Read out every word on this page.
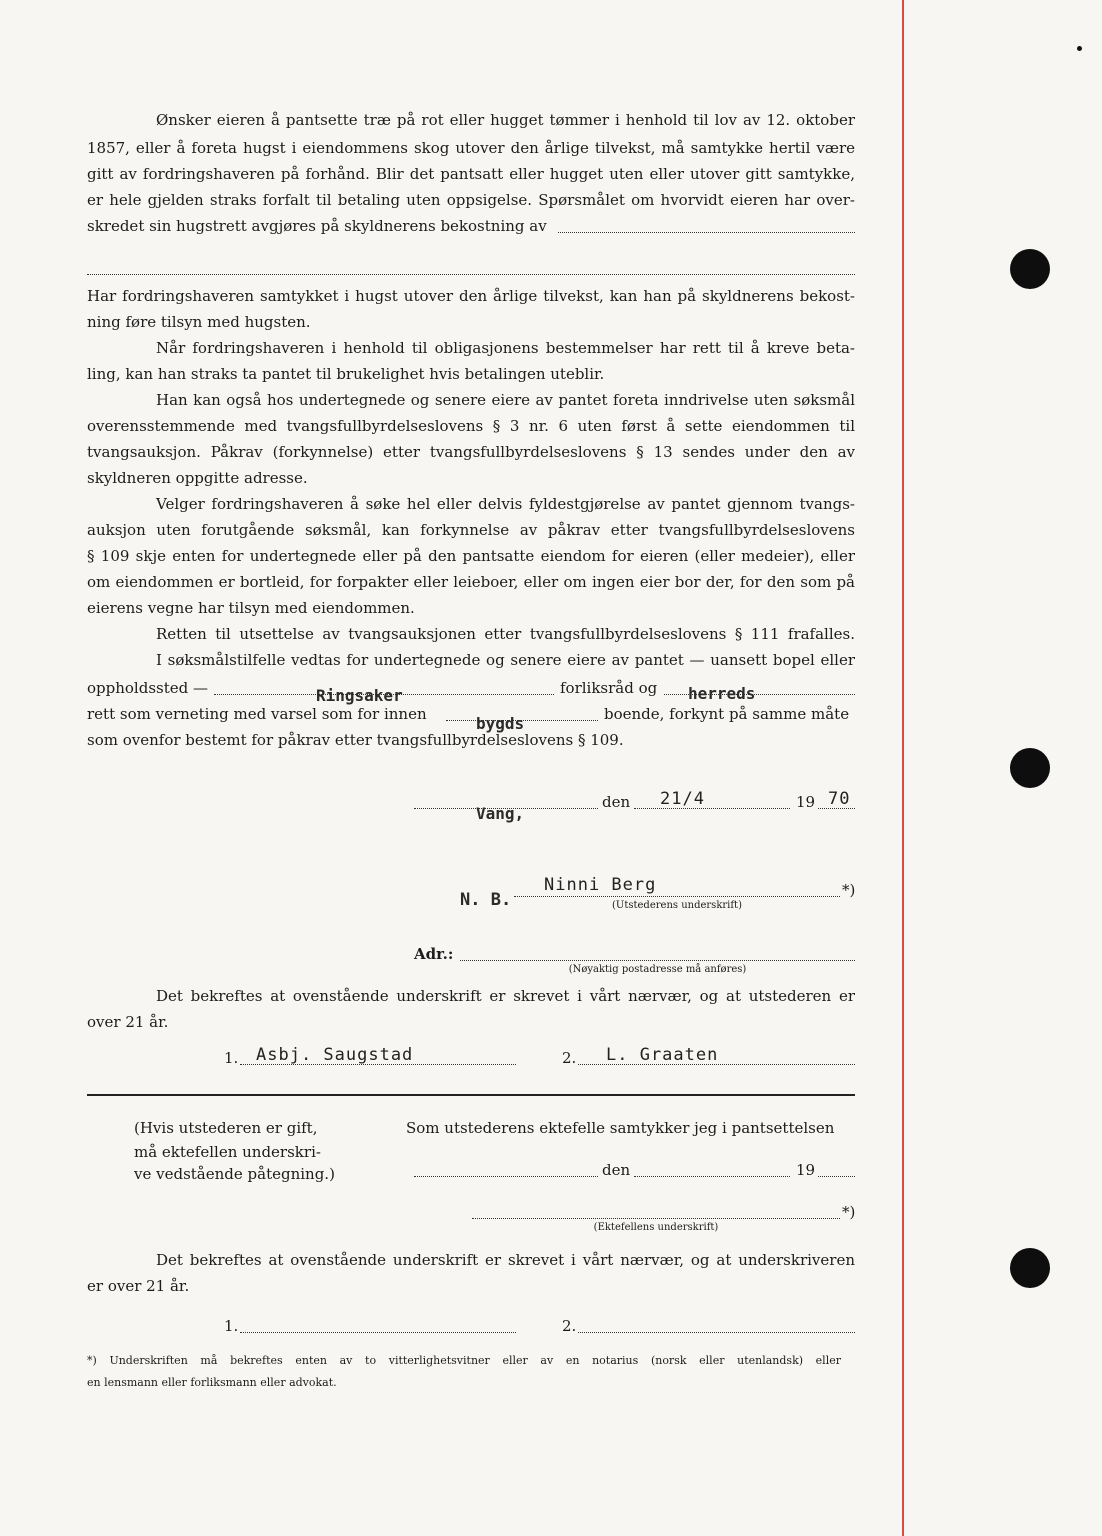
Ønsker eieren å pantsette træ på rot eller hugget tømmer i henhold til lov av 12. oktober
1857, eller å foreta hugst i eiendommens skog utover den årlige tilvekst, må samtykke hertil være
gitt av fordringshaveren på forhånd. Blir det pantsatt eller hugget uten eller utover gitt samtykke,
er hele gjelden straks forfalt til betaling uten oppsigelse. Spørsmålet om hvorvidt eieren har over-
skredet sin hugstrett avgjøres på skyldnerens bekostning av
Har fordringshaveren samtykket i hugst utover den årlige tilvekst, kan han på skyldnerens bekost-
ning føre tilsyn med hugsten.
Når fordringshaveren i henhold til obligasjonens bestemmelser har rett til å kreve beta-
ling, kan han straks ta pantet til brukelighet hvis betalingen uteblir.
Han kan også hos undertegnede og senere eiere av pantet foreta inndrivelse uten søksmål
overensstemmende med tvangsfullbyrdelseslovens § 3 nr. 6 uten først å sette eiendommen til
tvangsauksjon. Påkrav (forkynnelse) etter tvangsfullbyrdelseslovens § 13 sendes under den av
skyldneren oppgitte adresse.
Velger fordringshaveren å søke hel eller delvis fyldestgjørelse av pantet gjennom tvangs-
auksjon uten forutgående søksmål, kan forkynnelse av påkrav etter tvangsfullbyrdelseslovens
§ 109 skje enten for undertegnede eller på den pantsatte eiendom for eieren (eller medeier), eller
om eiendommen er bortleid, for forpakter eller leieboer, eller om ingen eier bor der, for den som på
eierens vegne har tilsyn med eiendommen.
Retten til utsettelse av tvangsauksjonen etter tvangsfullbyrdelseslovens § 111 frafalles.
I søksmålstilfelle vedtas for undertegnede og senere eiere av pantet — uansett bopel eller
oppholdssted —	forliksråd og
Ringsaker	herreds
rett som verneting med varsel som for innen	boende, forkynt på samme måte
bygds
som ovenfor bestemt for påkrav etter tvangsfullbyrdelseslovens § 109.
Vang,
den 21/4	19 70
N. B.
Ninni Berg	*)
(Utstederens underskrift)
Adr.:
(Nøyaktig postadresse må anføres)
Det bekreftes at ovenstående underskrift er skrevet i vårt nærvær, og at utstederen er
over 21 år.
1. Asbj. Saugstad	2. L. Graaten
(Hvis utstederen er gift,
må ektefellen underskri-
ve vedstående påtegning.)
Som utstederens ektefelle samtykker jeg i pantsettelsen
den	19
*)
(Ektefellens underskrift)
Det bekreftes at ovenstående underskrift er skrevet i vårt nærvær, og at underskriveren
er over 21 år.
1.	2.
*) Underskriften må bekreftes enten av to vitterlighetsvitner eller av en notarius (norsk eller utenlandsk) eller
en lensmann eller forliksmann eller advokat.
